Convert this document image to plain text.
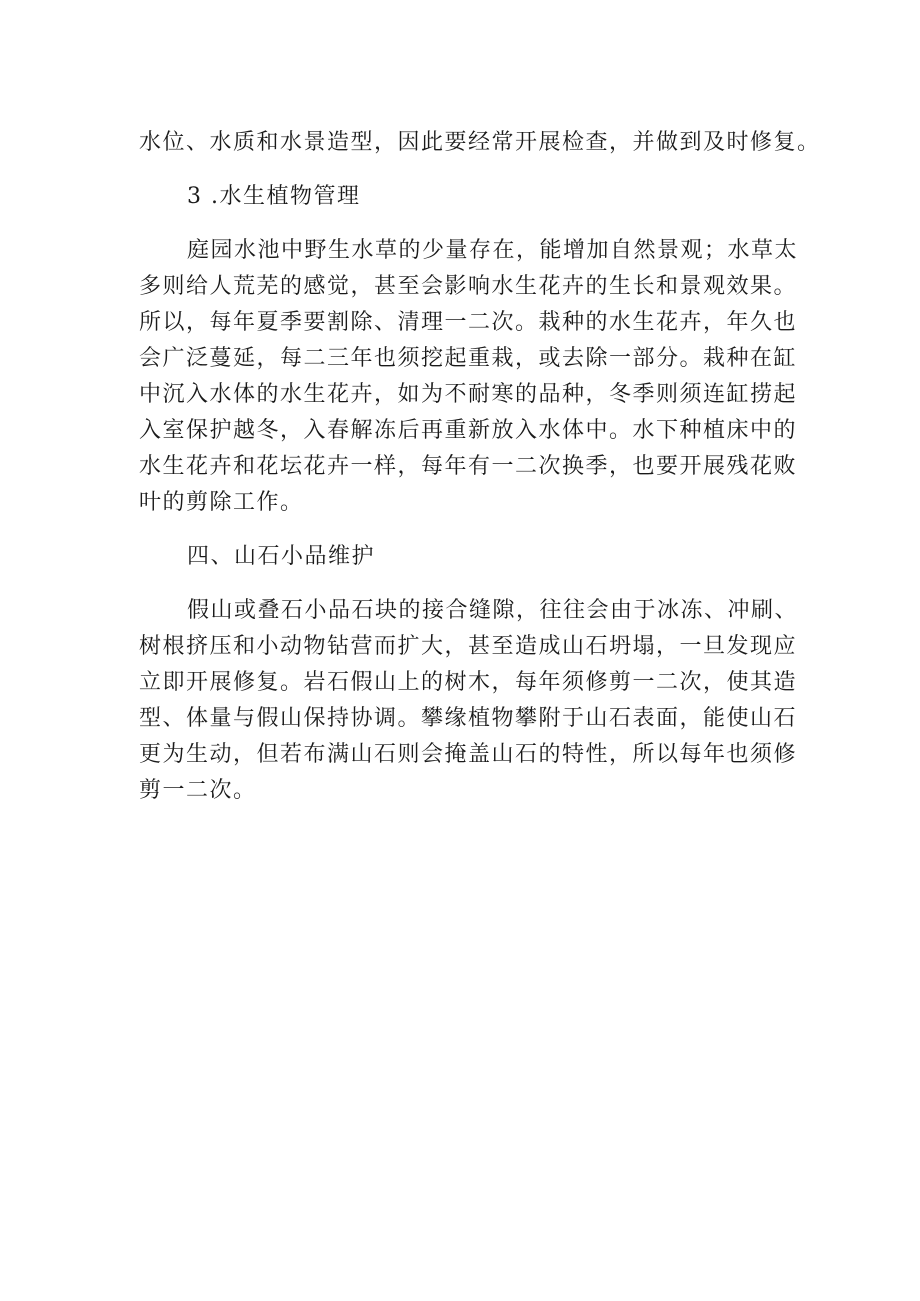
水位、水质和水景造型，因此要经常开展检查，并做到及时修复。
3 .水生植物管理
庭园水池中野生水草的少量存在，能增加自然景观；水草太
多则给人荒芜的感觉，甚至会影响水生花卉的生长和景观效果。
所以，每年夏季要割除、清理一二次。栽种的水生花卉，年久也
会广泛蔓延，每二三年也须挖起重栽，或去除一部分。栽种在缸
中沉入水体的水生花卉，如为不耐寒的品种，冬季则须连缸捞起
入室保护越冬，入春解冻后再重新放入水体中。水下种植床中的
水生花卉和花坛花卉一样，每年有一二次换季，也要开展残花败
叶的剪除工作。
四、山石小品维护
假山或叠石小品石块的接合缝隙，往往会由于冰冻、冲刷、
树根挤压和小动物钻营而扩大，甚至造成山石坍塌，一旦发现应
立即开展修复。岩石假山上的树木，每年须修剪一二次，使其造
型、体量与假山保持协调。攀缘植物攀附于山石表面，能使山石
更为生动，但若布满山石则会掩盖山石的特性，所以每年也须修
剪一二次。
